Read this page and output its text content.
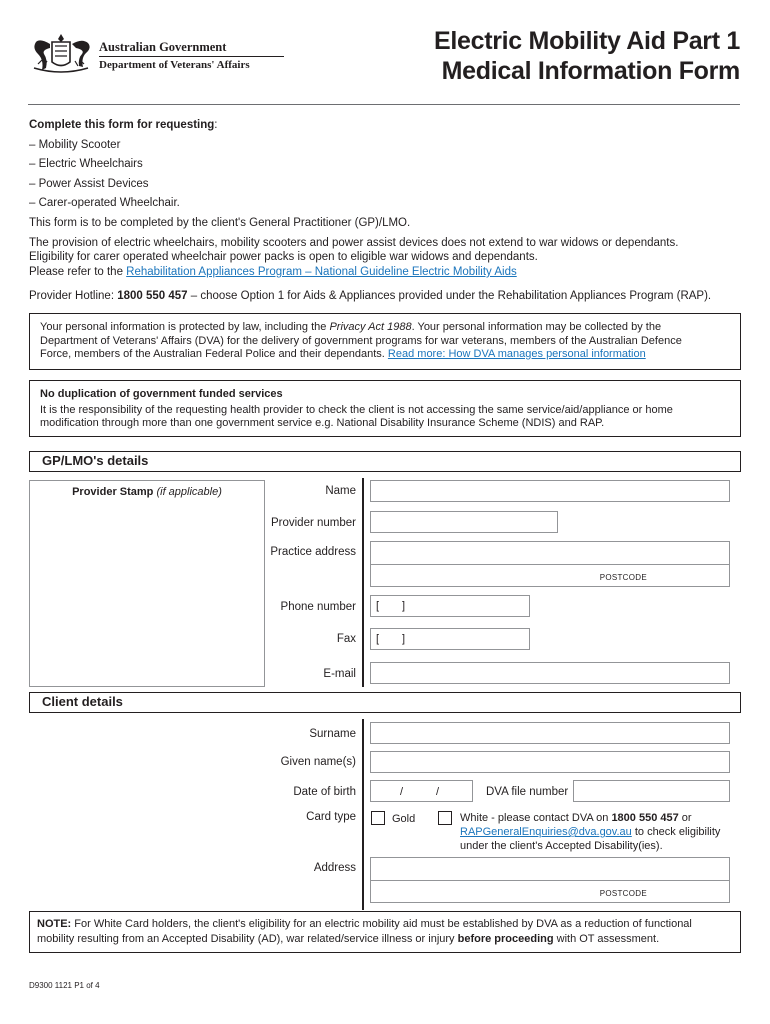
Australian Government
Department of Veterans' Affairs
Electric Mobility Aid Part 1
Medical Information Form
Complete this form for requesting:
– Mobility Scooter
– Electric Wheelchairs
– Power Assist Devices
– Carer-operated Wheelchair.
This form is to be completed by the client's General Practitioner (GP)/LMO.
The provision of electric wheelchairs, mobility scooters and power assist devices does not extend to war widows or dependants.
Eligibility for carer operated wheelchair power packs is open to eligible war widows and dependants.
Please refer to the Rehabilitation Appliances Program – National Guideline Electric Mobility Aids
Provider Hotline: 1800 550 457 – choose Option 1 for Aids & Appliances provided under the Rehabilitation Appliances Program (RAP).
Your personal information is protected by law, including the Privacy Act 1988. Your personal information may be collected by the
Department of Veterans' Affairs (DVA) for the delivery of government programs for war veterans, members of the Australian Defence
Force, members of the Australian Federal Police and their dependants. Read more: How DVA manages personal information
No duplication of government funded services
It is the responsibility of the requesting health provider to check the client is not accessing the same service/aid/appliance or home
modification through more than one government service e.g. National Disability Insurance Scheme (NDIS) and RAP.
GP/LMO's details
Provider Stamp (if applicable)	Name
Provider number
Practice address
POSTCODE
Phone number [ ]
Fax [ ]
E-mail
Client details
Surname
Given name(s)
Date of birth	/	/	DVA file number
Card type	Gold	White - please contact DVA on 1800 550 457 or
RAPGeneralEnquiries@dva.gov.au to check eligibility
under the client's Accepted Disability(ies).
Address
POSTCODE
NOTE: For White Card holders, the client's eligibility for an electric mobility aid must be established by DVA as a reduction of functional
mobility resulting from an Accepted Disability (AD), war related/service illness or injury before proceeding with OT assessment.
D9300 1121 P1 of 4
